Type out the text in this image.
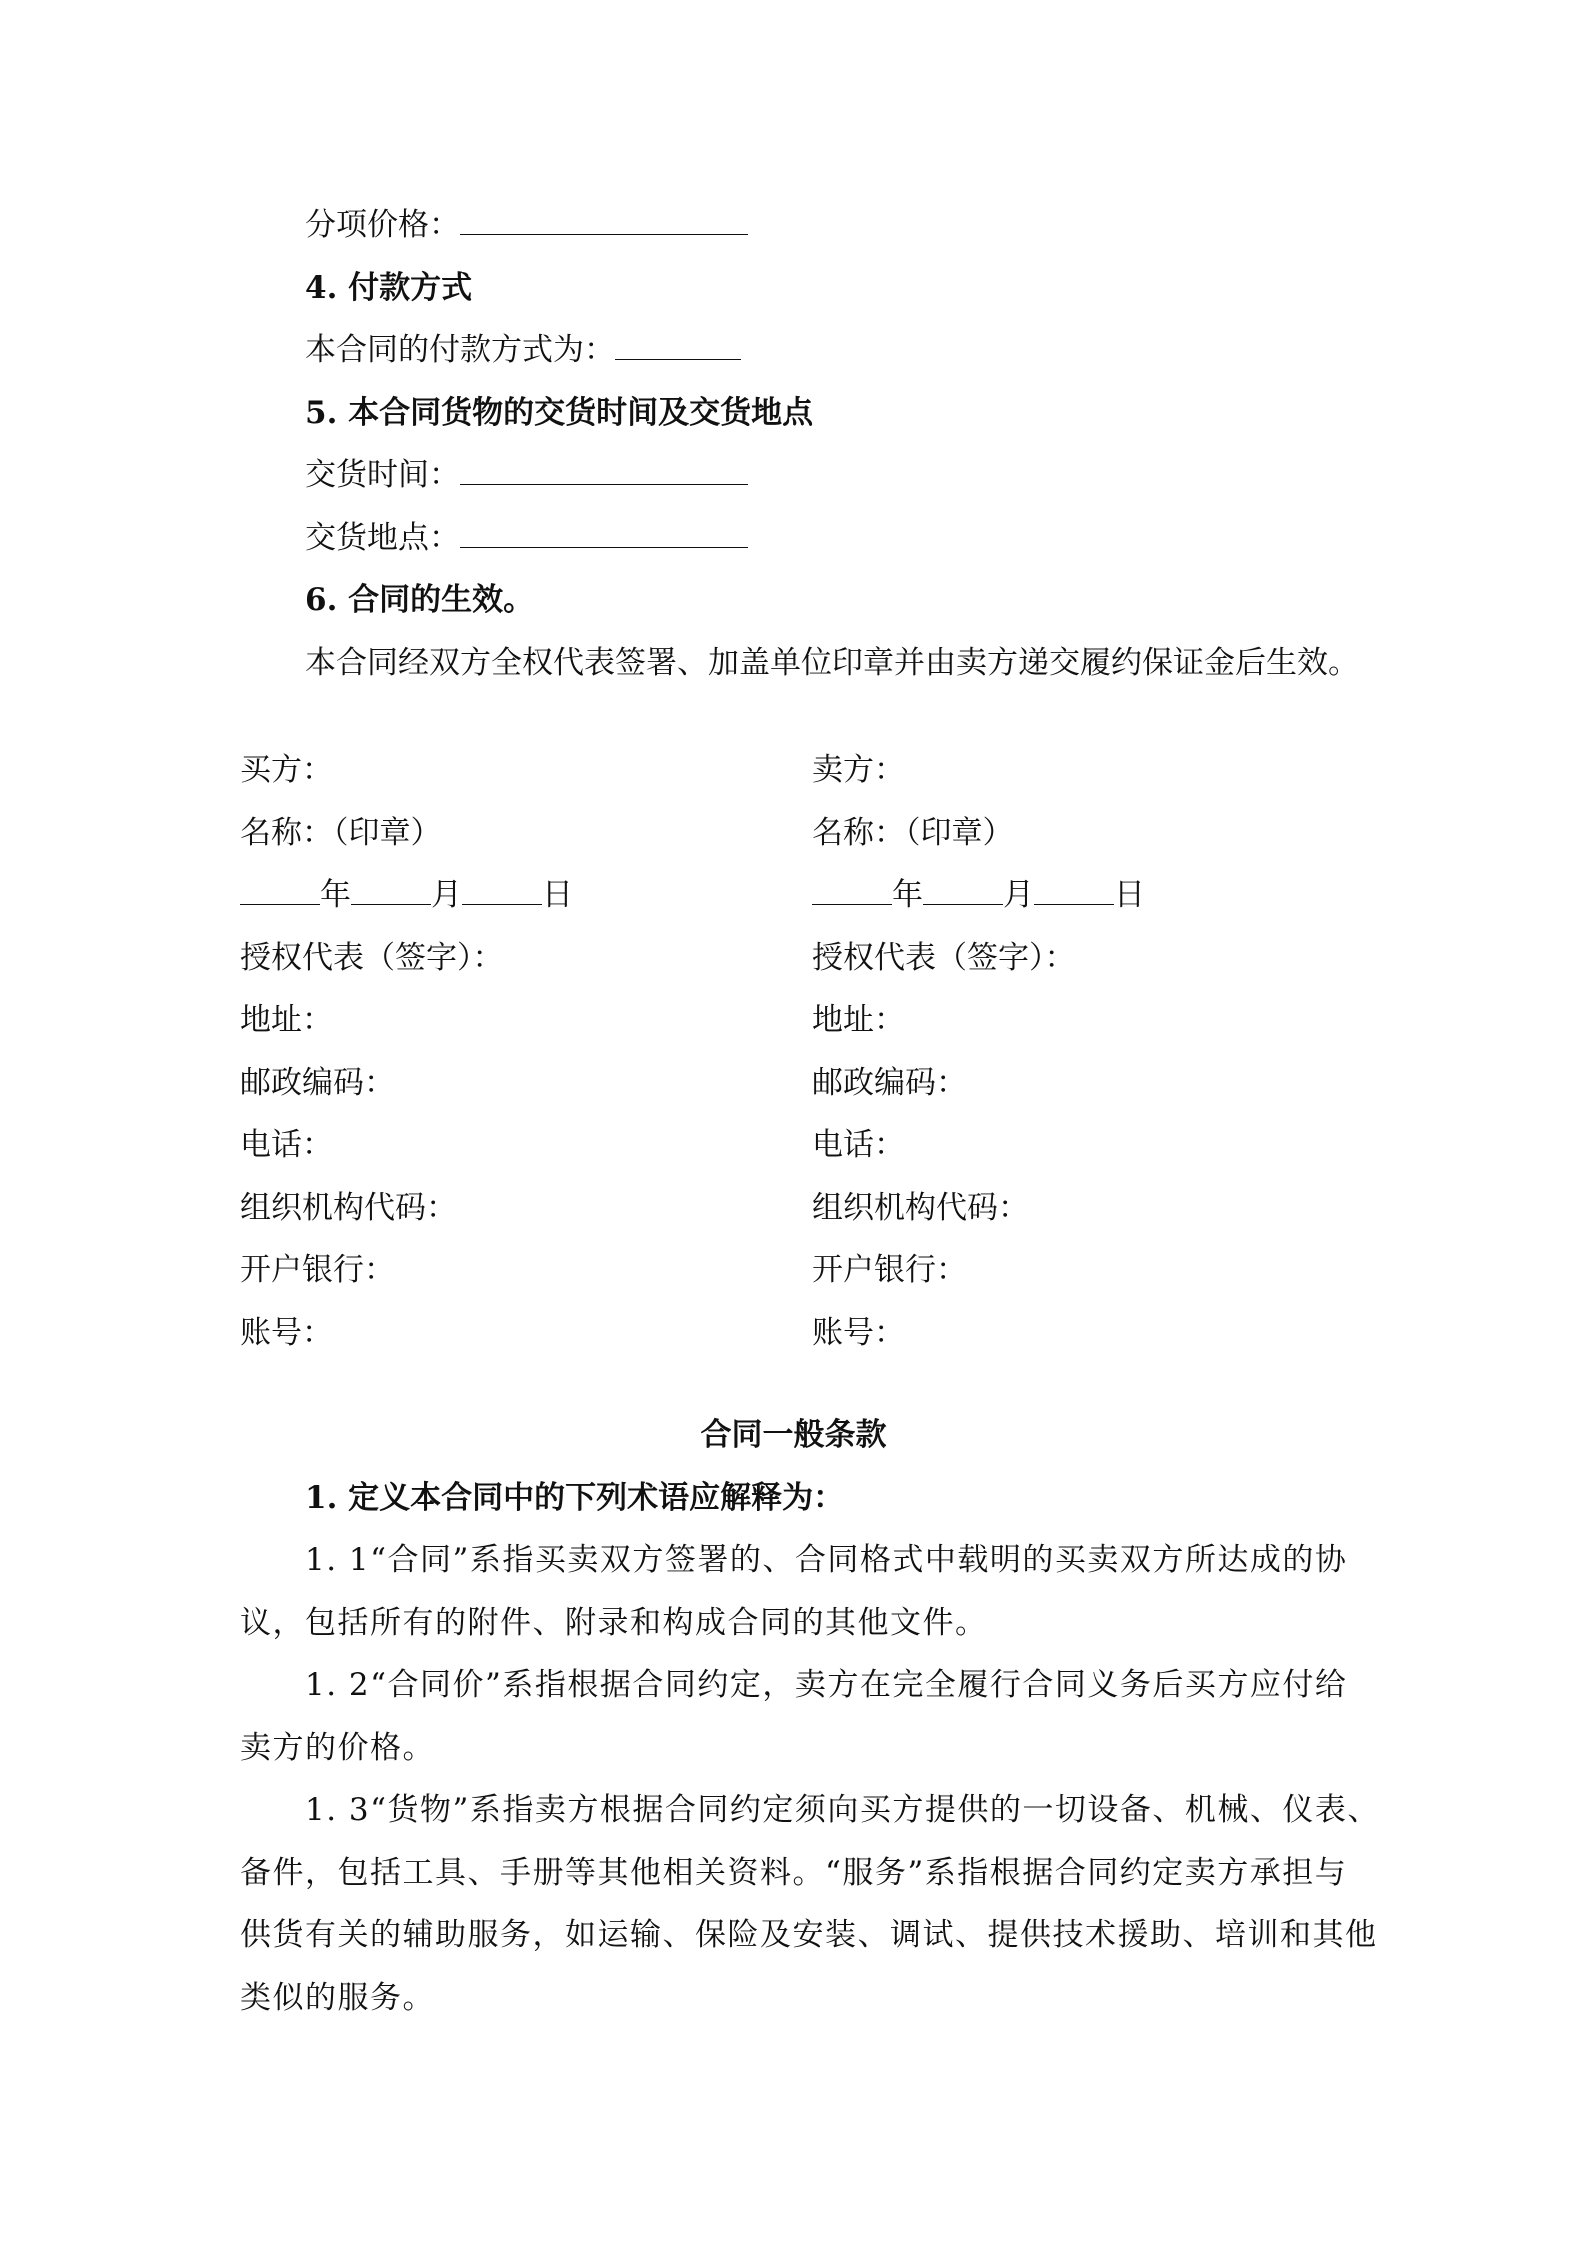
分项价格：
4. 付款方式
本合同的付款方式为：
5. 本合同货物的交货时间及交货地点
交货时间：
交货地点：
6. 合同的生效。
本合同经双方全权代表签署、加盖单位印章并由卖方递交履约保证金后生效。
买方：
名称：（印章）
年	月	日
授权代表（签字）：
地址：
邮政编码：
电话：
组织机构代码：
开户银行：
账号：
卖方：
名称：（印章）
年	月	日
授权代表（签字）：
地址：
邮政编码：
电话：
组织机构代码：
开户银行：
账号：
合同一般条款
1. 定义本合同中的下列术语应解释为：
1. 1“合同”系指买卖双方签署的、合同格式中载明的买卖双方所达成的协
议，包括所有的附件、附录和构成合同的其他文件。
1. 2“合同价”系指根据合同约定，卖方在完全履行合同义务后买方应付给
卖方的价格。
1. 3“货物”系指卖方根据合同约定须向买方提供的一切设备、机械、仪表、
备件，包括工具、手册等其他相关资料。“服务”系指根据合同约定卖方承担与
供货有关的辅助服务，如运输、保险及安装、调试、提供技术援助、培训和其他
类似的服务。
